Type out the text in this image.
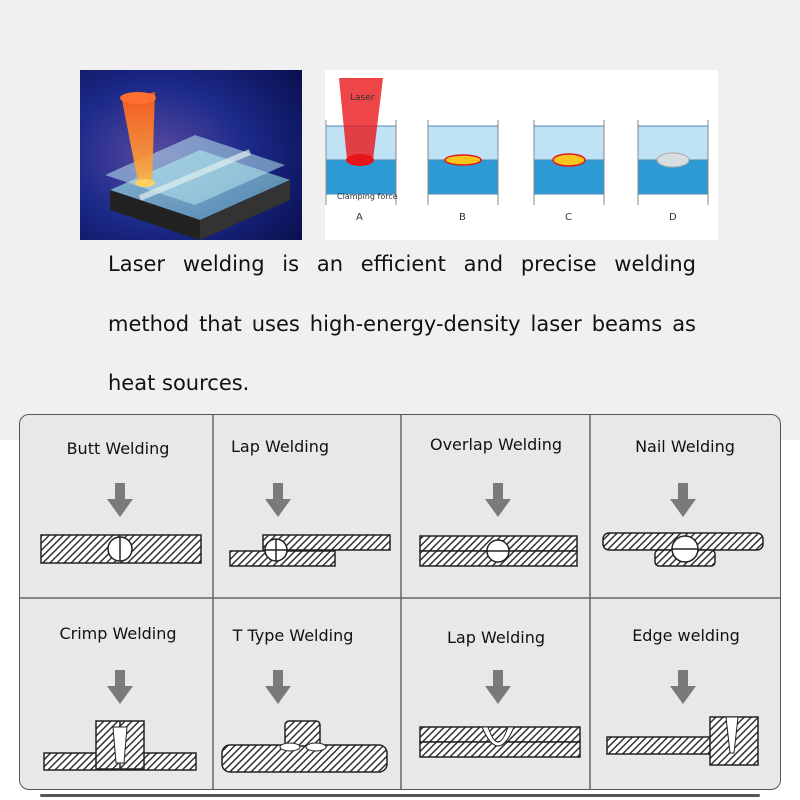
Laser
Clamping force
A	B	C	D
Laser welding is an efficient and precise welding
method that uses high-energy-density laser beams as
heat sources.
Butt Welding	Lap Welding	Overlap Welding	Nail Welding
Crimp Welding	T Type Welding	Lap Welding	Edge welding
